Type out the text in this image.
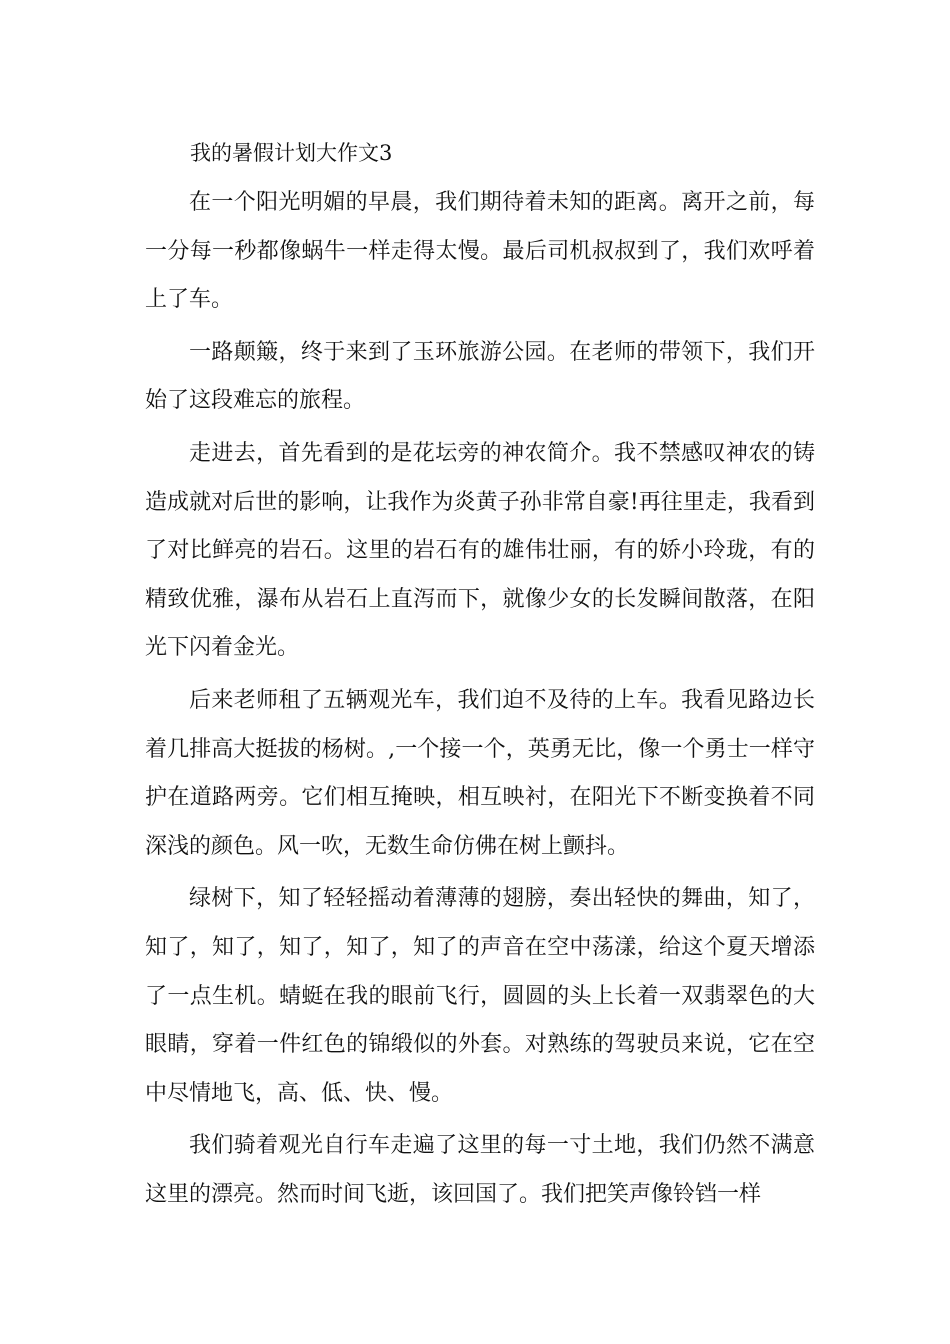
我的暑假计划大作文3

在一个阳光明媚的早晨，我们期待着未知的距离。离开之前，每一分每一秒都像蜗牛一样走得太慢。最后司机叔叔到了，我们欢呼着上了车。

一路颠簸，终于来到了玉环旅游公园。在老师的带领下，我们开始了这段难忘的旅程。

走进去，首先看到的是花坛旁的神农简介。我不禁感叹神农的铸造成就对后世的影响，让我作为炎黄子孙非常自豪!再往里走，我看到了对比鲜亮的岩石。这里的岩石有的雄伟壮丽，有的娇小玲珑，有的精致优雅，瀑布从岩石上直泻而下，就像少女的长发瞬间散落，在阳光下闪着金光。

后来老师租了五辆观光车，我们迫不及待的上车。我看见路边长着几排高大挺拔的杨树。,一个接一个，英勇无比，像一个勇士一样守护在道路两旁。它们相互掩映，相互映衬，在阳光下不断变换着不同深浅的颜色。风一吹，无数生命仿佛在树上颤抖。

绿树下，知了轻轻摇动着薄薄的翅膀，奏出轻快的舞曲，知了，知了，知了，知了，知了，知了的声音在空中荡漾，给这个夏天增添了一点生机。蜻蜓在我的眼前飞行，圆圆的头上长着一双翡翠色的大眼睛，穿着一件红色的锦缎似的外套。对熟练的驾驶员来说，它在空中尽情地飞，高、低、快、慢。

我们骑着观光自行车走遍了这里的每一寸土地，我们仍然不满意这里的漂亮。然而时间飞逝，该回国了。我们把笑声像铃铛一样
